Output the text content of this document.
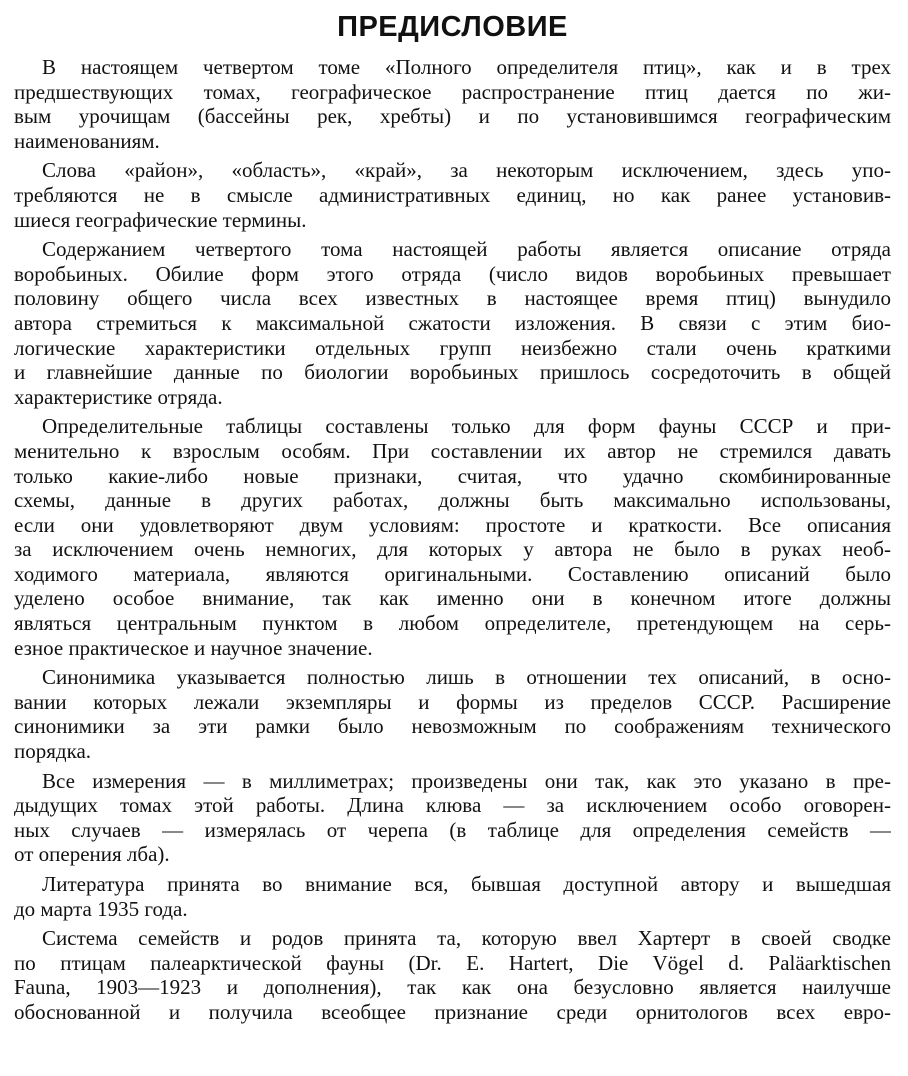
ПРЕДИСЛОВИЕ
В настоящем четвертом томе «Полного определителя птиц», как и в трех
предшествующих томах, географическое распространение птиц дается по жи-
вым урочищам (бассейны рек, хребты) и по установившимся географическим
наименованиям.
Слова «район», «область», «край», за некоторым исключением, здесь упо-
требляются не в смысле административных единиц, но как ранее установив-
шиеся географические термины.
Содержанием четвертого тома настоящей работы является описание отряда
воробьиных. Обилие форм этого отряда (число видов воробьиных превышает
половину общего числа всех известных в настоящее время птиц) вынудило
автора стремиться к максимальной сжатости изложения. В связи с этим био-
логические характеристики отдельных групп неизбежно стали очень краткими
и главнейшие данные по биологии воробьиных пришлось сосредоточить в общей
характеристике отряда.
Определительные таблицы составлены только для форм фауны СССР и при-
менительно к взрослым особям. При составлении их автор не стремился давать
только какие-либо новые признаки, считая, что удачно скомбинированные
схемы, данные в других работах, должны быть максимально использованы,
если они удовлетворяют двум условиям: простоте и краткости. Все описания
за исключением очень немногих, для которых у автора не было в руках необ-
ходимого материала, являются оригинальными. Составлению описаний было
уделено особое внимание, так как именно они в конечном итоге должны
являться центральным пунктом в любом определителе, претендующем на серь-
езное практическое и научное значение.
Синонимика указывается полностью лишь в отношении тех описаний, в осно-
вании которых лежали экземпляры и формы из пределов СССР. Расширение
синонимики за эти рамки было невозможным по соображениям технического
порядка.
Все измерения — в миллиметрах; произведены они так, как это указано в пре-
дыдущих томах этой работы. Длина клюва — за исключением особо оговорен-
ных случаев — измерялась от черепа (в таблице для определения семейств —
от оперения лба).
Литература принята во внимание вся, бывшая доступной автору и вышедшая
до марта 1935 года.
Система семейств и родов принята та, которую ввел Хартерт в своей сводке
по птицам палеарктической фауны (Dr. E. Hartert, Die Vögel d. Paläarktischen
Fauna, 1903—1923 и дополнения), так как она безусловно является наилучше
обоснованной и получила всеобщее признание среди орнитологов всех евро-
